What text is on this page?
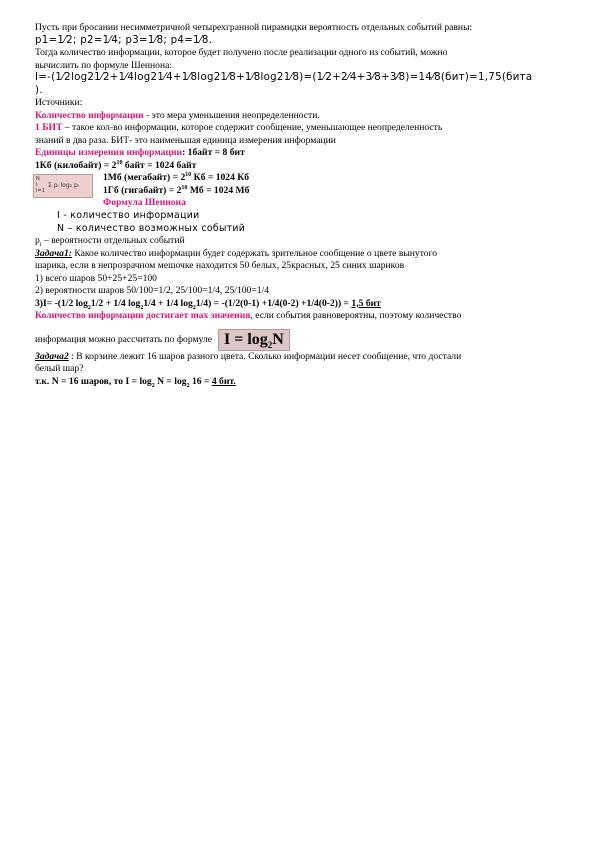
Пусть при бросании несимметричной четырехгранной пирамидки вероятность отдельных событий равны:
p1=1⁄2; p2=1⁄4; p3=1⁄8; p4=1⁄8.
Тогда количество информации, которое будет получено после реализации одного из событий, можно
вычислить по формуле Шеннона:
I=-(1⁄2log21⁄2+1⁄4log21⁄4+1⁄8log21⁄8+1⁄8log21⁄8)=(1⁄2+2⁄4+3⁄8+3⁄8)=14⁄8(бит)=1,75(бита
).
Источники:
Количество информации - это мера уменьшения неопределенности.
1 БИТ – такое кол-во информации, которое содержит сообщение, уменьшающее неопределенность
знаний в два раза. БИТ- это наименьшая единица измерения информации
Единицы измерения информации: 1байт = 8 бит
1Кб (килобайт) = $2^{10}$ байт = 1024 байт
N
I
i=1
Σ pᵢ log₂ pᵢ
1Мб (мегабайт) = $2^{10}$ Кб = 1024 Кб
1Гб (гигабайт) = $2^{10}$ Мб = 1024 Мб
Формула Шеннона
I - количество информации
N – количество возможных событий
$p_i$ – вероятности отдельных событий
Задача1: Какое количество информации будет содержать зрительное сообщение о цвете вынутого
шарика, если в непрозрачном мешочке находится 50 белых, 25красных, 25 синих шариков
1) всего шаров 50+25+25=100
2) вероятности шаров 50/100=1/2, 25/100=1/4, 25/100=1/4
3)I= -(1/2 $\log_21/2 + 1/4$ $\log_21/4 + 1/4$ $\log_21/4) = -(1/2(0-1) +1/4(0-2) +1/4(0-2)) = 1,5$ бит
Количество информации достигает max значения, если события равновероятны, поэтому количество
информация можно рассчитать по формуле $I = \log_2N$
Задача2 : В корзине лежит 16 шаров разного цвета. Сколько информации несет сообщение, что достали
белый шар?
т.к. N = 16 шаров, то $I = \log_2 N = \log_2 16 = 4$ бит.
